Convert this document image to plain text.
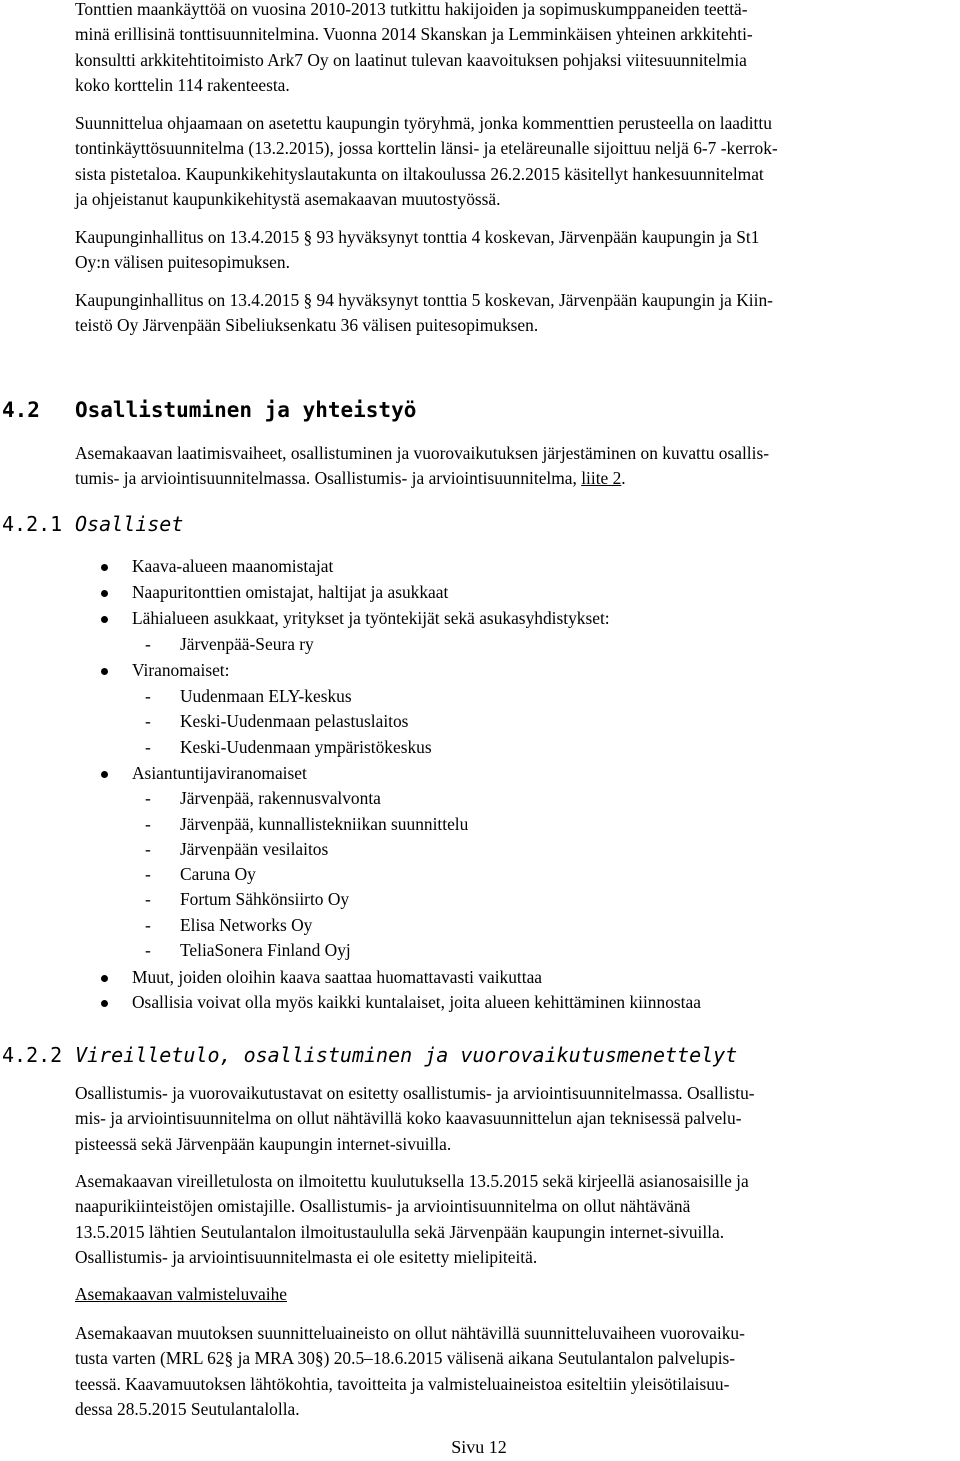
Tonttien maankäyttöä on vuosina 2010-2013 tutkittu hakijoiden ja sopimuskumppaneiden teettä-
minä erillisinä tonttisuunnitelmina. Vuonna 2014 Skanskan ja Lemminkäisen yhteinen arkkitehti-
konsultti arkkitehtitoimisto Ark7 Oy on laatinut tulevan kaavoituksen pohjaksi viitesuunnitelmia
koko korttelin 114 rakenteesta.

Suunnittelua ohjaamaan on asetettu kaupungin työryhmä, jonka kommenttien perusteella on laadittu
tontinkäyttösuunnitelma (13.2.2015), jossa korttelin länsi- ja eteläreunalle sijoittuu neljä 6-7 -kerrok-
sista pistetaloa. Kaupunkikehityslautakunta on iltakoulussa 26.2.2015 käsitellyt hankesuunnitelmat
ja ohjeistanut kaupunkikehitystä asemakaavan muutostyössä.

Kaupunginhallitus on 13.4.2015 § 93 hyväksynyt tonttia 4 koskevan, Järvenpään kaupungin ja St1
Oy:n välisen puitesopimuksen.

Kaupunginhallitus on 13.4.2015 § 94 hyväksynyt tonttia 5 koskevan, Järvenpään kaupungin ja Kiin-
teistö Oy Järvenpään Sibeliuksenkatu 36 välisen puitesopimuksen.

4.2 Osallistuminen ja yhteistyö

Asemakaavan laatimisvaiheet, osallistuminen ja vuorovaikutuksen järjestäminen on kuvattu osallis-
tumis- ja arviointisuunnitelmassa. Osallistumis- ja arviointisuunnitelma, liite 2.

4.2.1 Osalliset
Kaava-alueen maanomistajat
Naapuritonttien omistajat, haltijat ja asukkaat
Lähialueen asukkaat, yritykset ja työntekijät sekä asukasyhdistykset:
- Järvenpää-Seura ry
Viranomaiset:
- Uudenmaan ELY-keskus
- Keski-Uudenmaan pelastuslaitos
- Keski-Uudenmaan ympäristökeskus
Asiantuntijaviranomaiset
- Järvenpää, rakennusvalvonta
- Järvenpää, kunnallistekniikan suunnittelu
- Järvenpään vesilaitos
- Caruna Oy
- Fortum Sähkönsiirto Oy
- Elisa Networks Oy
- TeliaSonera Finland Oyj
Muut, joiden oloihin kaava saattaa huomattavasti vaikuttaa
Osallisia voivat olla myös kaikki kuntalaiset, joita alueen kehittäminen kiinnostaa
4.2.2 Vireilletulo, osallistuminen ja vuorovaikutusmenettelyt

Osallistumis- ja vuorovaikutustavat on esitetty osallistumis- ja arviointisuunnitelmassa. Osallistu-
mis- ja arviointisuunnitelma on ollut nähtävillä koko kaavasuunnittelun ajan teknisessä palvelu-
pisteessä sekä Järvenpään kaupungin internet-sivuilla.

Asemakaavan vireilletulosta on ilmoitettu kuulutuksella 13.5.2015 sekä kirjeellä asianosaisille ja
naapurikiinteistöjen omistajille. Osallistumis- ja arviointisuunnitelma on ollut nähtävänä
13.5.2015 lähtien Seutulantalon ilmoitustaululla sekä Järvenpään kaupungin internet-sivuilla.
Osallistumis- ja arviointisuunnitelmasta ei ole esitetty mielipiteitä.

Asemakaavan valmisteluvaihe

Asemakaavan muutoksen suunnitteluaineisto on ollut nähtävillä suunnitteluvaiheen vuorovaiku-
tusta varten (MRL 62§ ja MRA 30§) 20.5–18.6.2015 välisenä aikana Seutulantalon palvelupis-
teessä. Kaavamuutoksen lähtökohtia, tavoitteita ja valmisteluaineistoa esiteltiin yleisötilaisuu-
dessa 28.5.2015 Seutulantalolla.

Sivu 12
